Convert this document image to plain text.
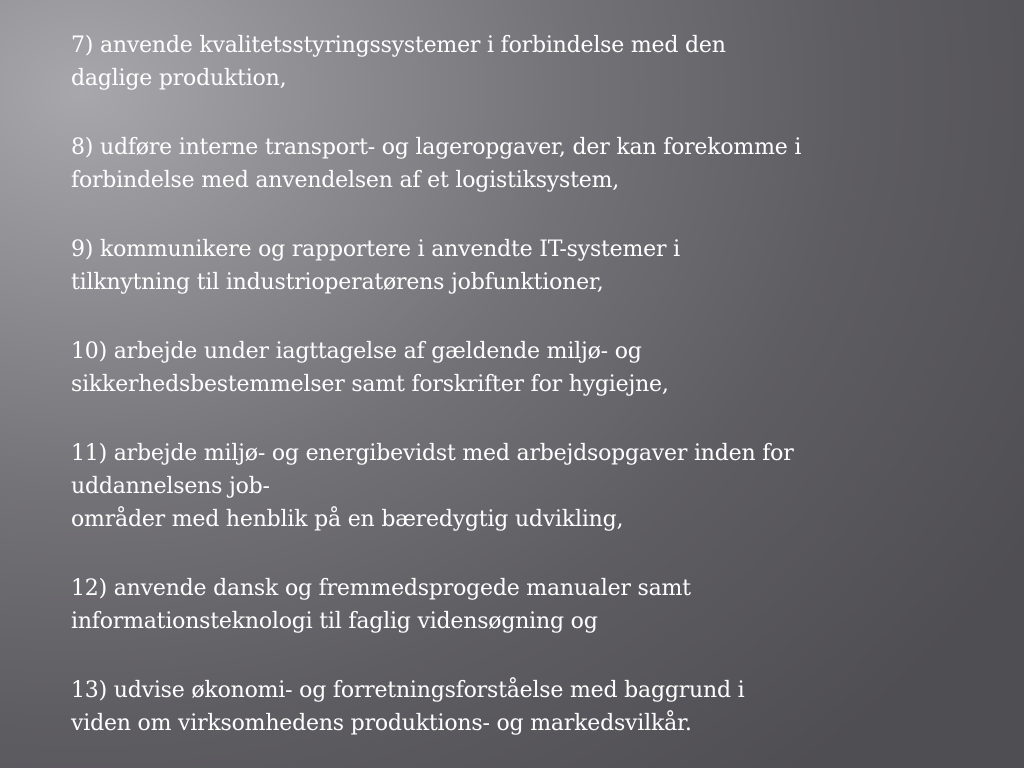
7) anvende kvalitetsstyringssystemer i forbindelse med den
daglige produktion,
8) udføre interne transport- og lageropgaver, der kan forekomme i
forbindelse med anvendelsen af et logistiksystem,
9) kommunikere og rapportere i anvendte IT-systemer i
tilknytning til industrioperatørens jobfunktioner,
10) arbejde under iagttagelse af gældende miljø- og
sikkerhedsbestemmelser samt forskrifter for hygiejne,
11) arbejde miljø- og energibevidst med arbejdsopgaver inden for
uddannelsens job-
områder med henblik på en bæredygtig udvikling,
12) anvende dansk og fremmedsprogede manualer samt
informationsteknologi til faglig vidensøgning og
13) udvise økonomi- og forretningsforståelse med baggrund i
viden om virksomhedens produktions- og markedsvilkår.
